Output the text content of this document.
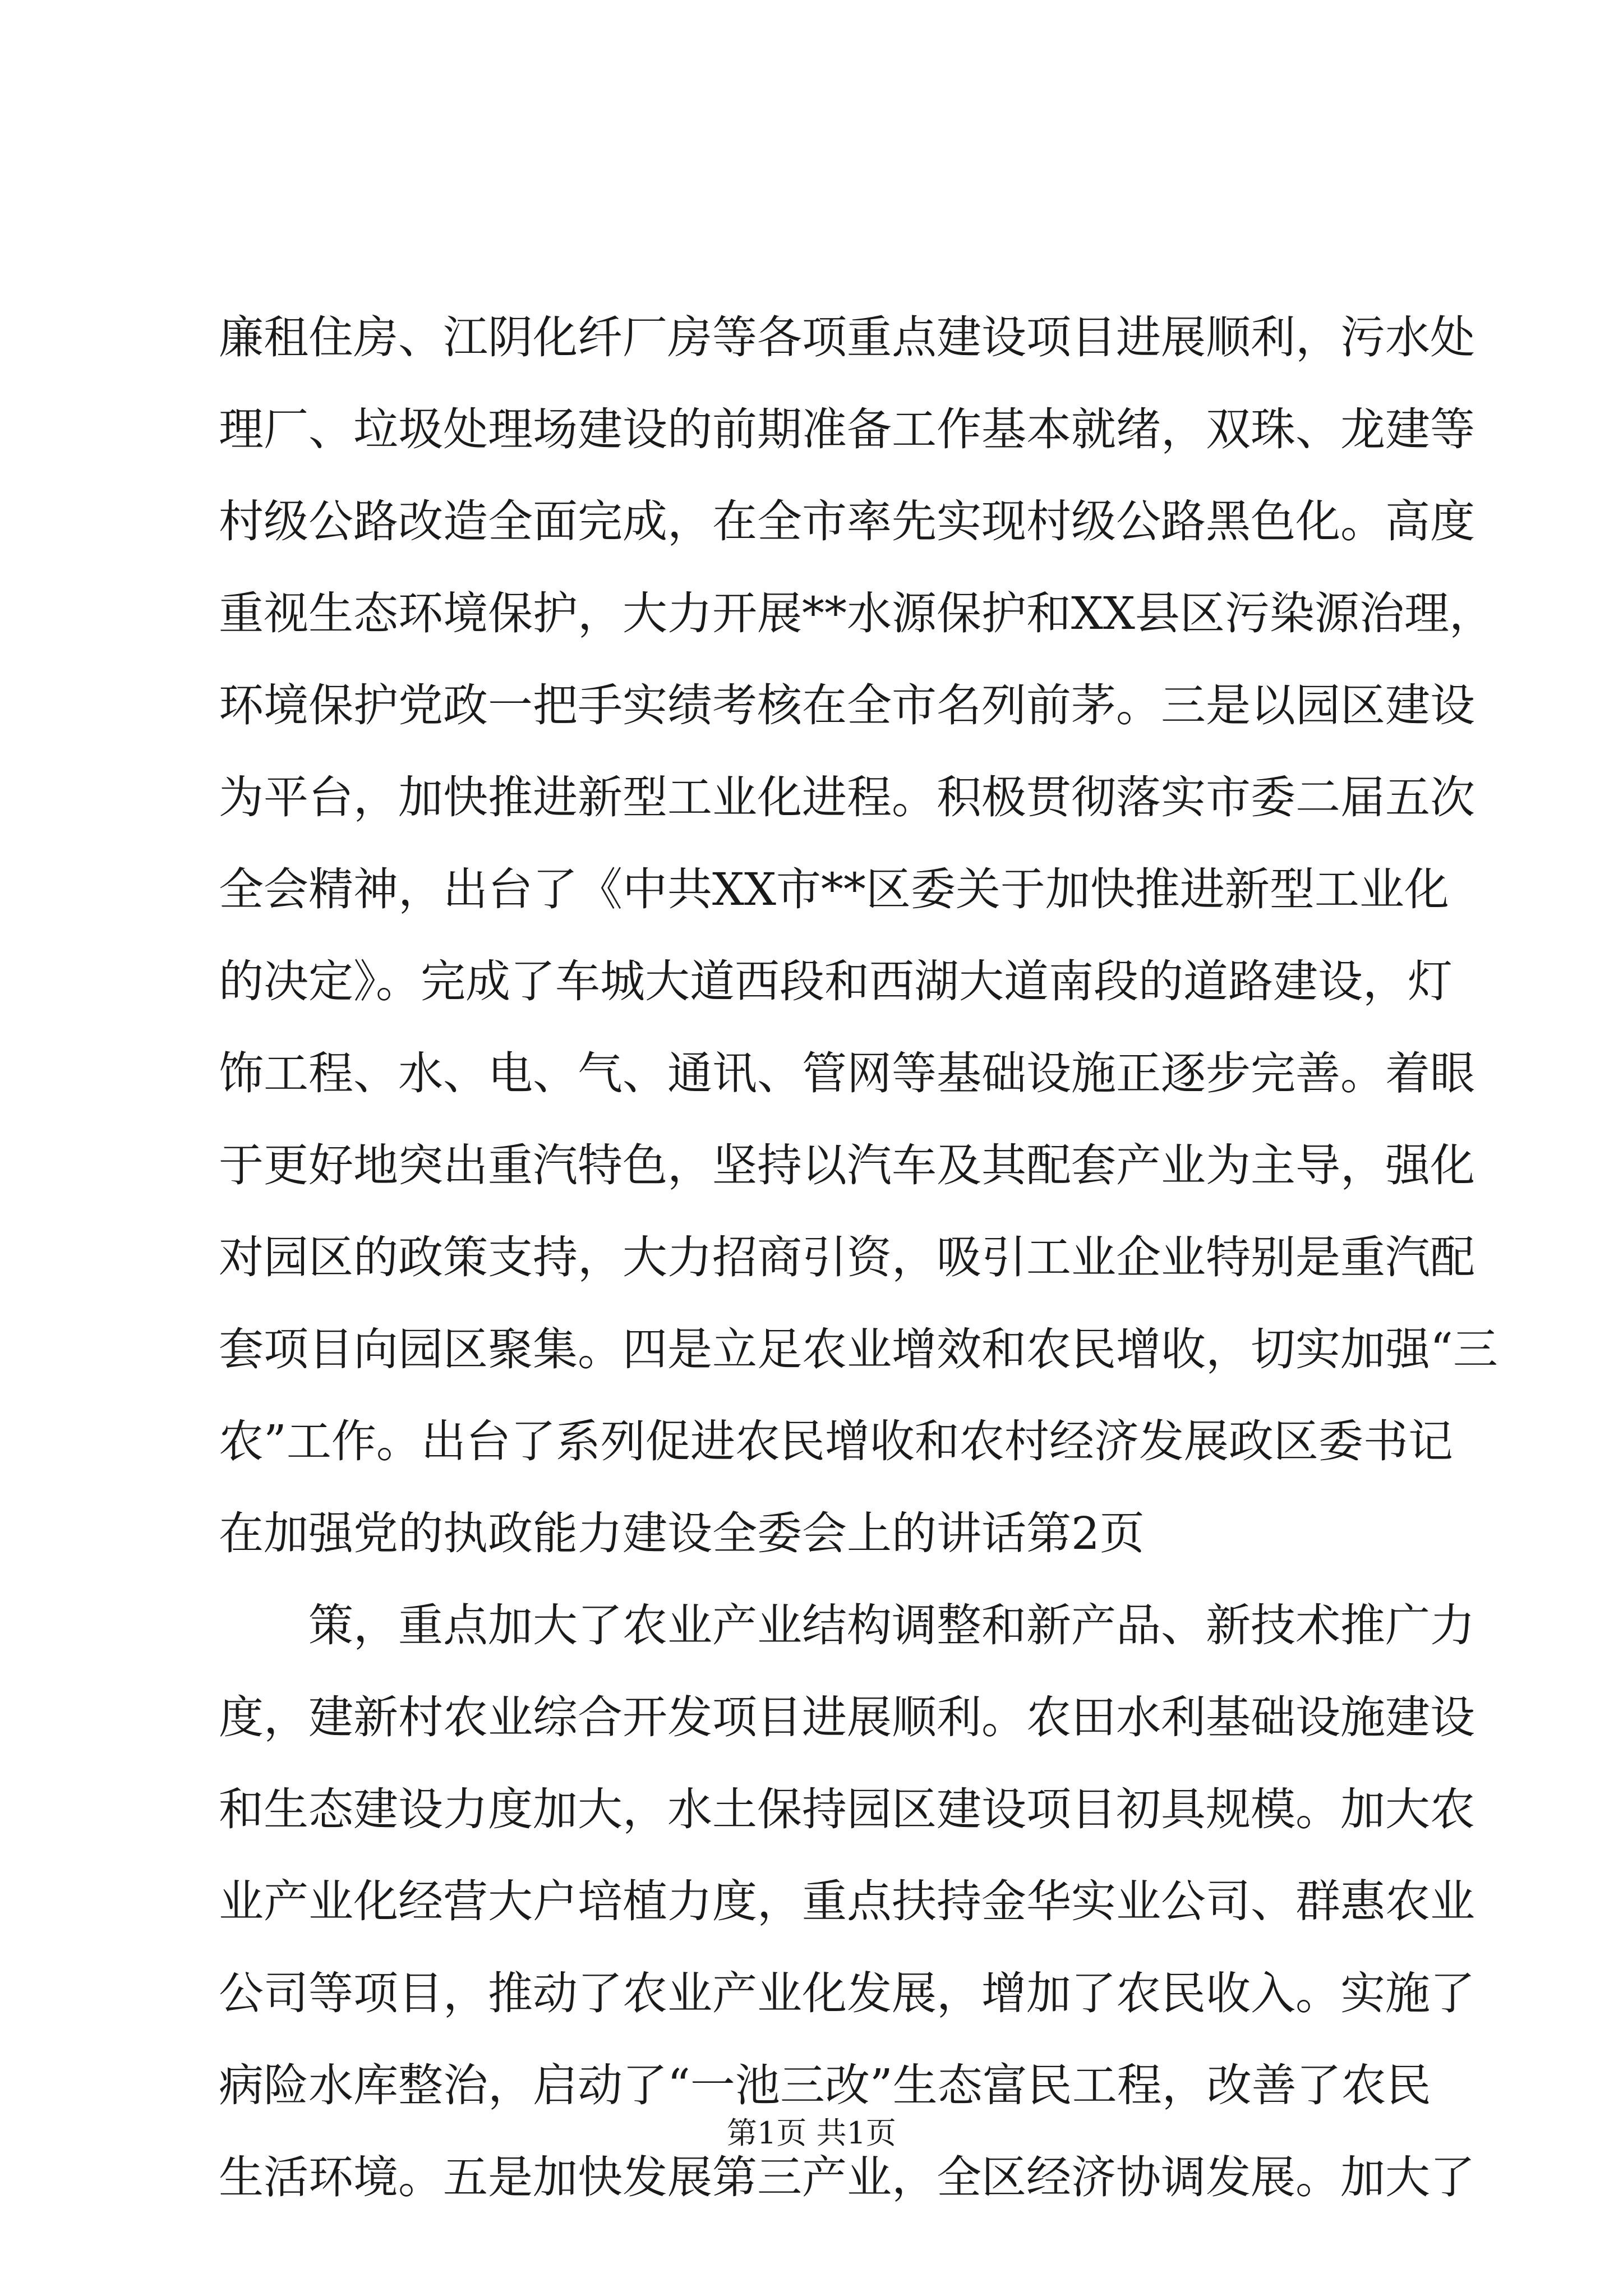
廉租住房、江阴化纤厂房等各项重点建设项目进展顺利，污水处
理厂、垃圾处理场建设的前期准备工作基本就绪，双珠、龙建等
村级公路改造全面完成，在全市率先实现村级公路黑色化。高度
重视生态环境保护，大力开展**水源保护和XX县区污染源治理，
环境保护党政一把手实绩考核在全市名列前茅。三是以园区建设
为平台，加快推进新型工业化进程。积极贯彻落实市委二届五次
全会精神，出台了《中共XX市**区委关于加快推进新型工业化
的决定》。完成了车城大道西段和西湖大道南段的道路建设，灯
饰工程、水、电、气、通讯、管网等基础设施正逐步完善。着眼
于更好地突出重汽特色，坚持以汽车及其配套产业为主导，强化
对园区的政策支持，大力招商引资，吸引工业企业特别是重汽配
套项目向园区聚集。四是立足农业增效和农民增收，切实加强“三
农”工作。出台了系列促进农民增收和农村经济发展政区委书记
在加强党的执政能力建设全委会上的讲话第2页
策，重点加大了农业产业结构调整和新产品、新技术推广力
度，建新村农业综合开发项目进展顺利。农田水利基础设施建设
和生态建设力度加大，水土保持园区建设项目初具规模。加大农
业产业化经营大户培植力度，重点扶持金华实业公司、群惠农业
公司等项目，推动了农业产业化发展，增加了农民收入。实施了
病险水库整治，启动了“一池三改”生态富民工程，改善了农民
生活环境。五是加快发展第三产业，全区经济协调发展。加大了
第1页 共1页
